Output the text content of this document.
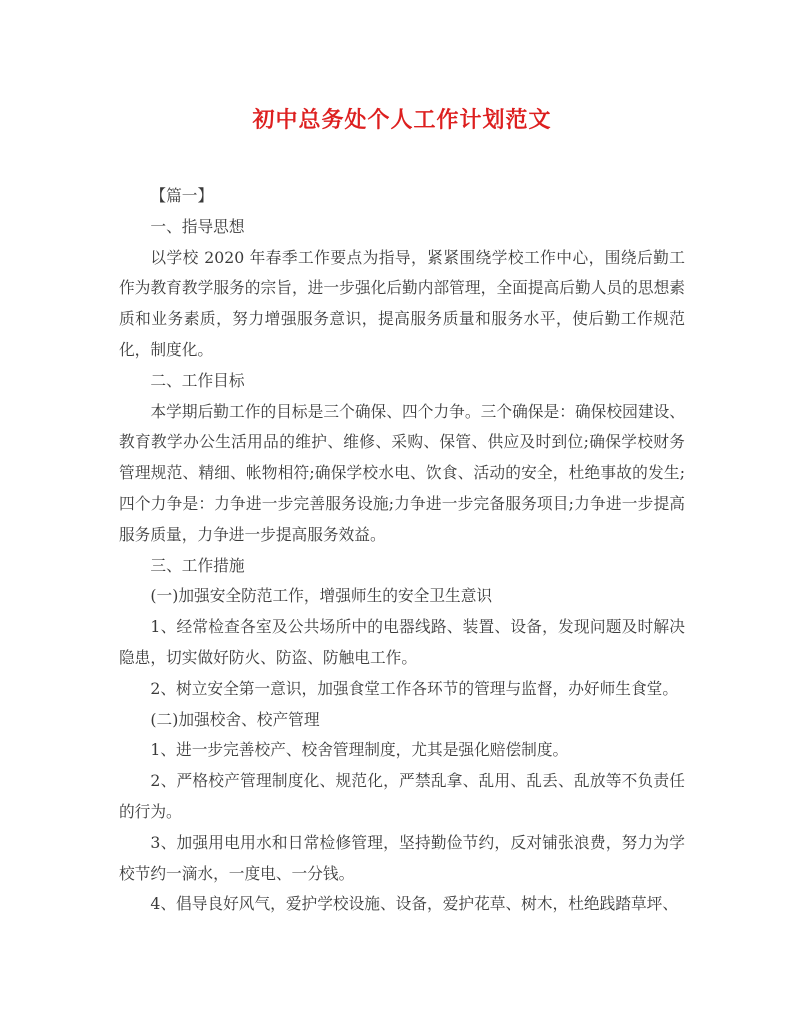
初中总务处个人工作计划范文

【篇一】

一、指导思想

以学校 2020 年春季工作要点为指导，紧紧围绕学校工作中心，围绕后勤工作为教育教学服务的宗旨，进一步强化后勤内部管理，全面提高后勤人员的思想素质和业务素质，努力增强服务意识，提高服务质量和服务水平，使后勤工作规范化，制度化。

二、工作目标

本学期后勤工作的目标是三个确保、四个力争。三个确保是：确保校园建设、教育教学办公生活用品的维护、维修、采购、保管、供应及时到位;确保学校财务管理规范、精细、帐物相符;确保学校水电、饮食、活动的安全，杜绝事故的发生;四个力争是：力争进一步完善服务设施;力争进一步完备服务项目;力争进一步提高服务质量，力争进一步提高服务效益。

三、工作措施

(一)加强安全防范工作，增强师生的安全卫生意识

1、经常检查各室及公共场所中的电器线路、装置、设备，发现问题及时解决隐患，切实做好防火、防盗、防触电工作。

2、树立安全第一意识，加强食堂工作各环节的管理与监督，办好师生食堂。

(二)加强校舍、校产管理

1、进一步完善校产、校舍管理制度，尤其是强化赔偿制度。

2、严格校产管理制度化、规范化，严禁乱拿、乱用、乱丢、乱放等不负责任的行为。

3、加强用电用水和日常检修管理，坚持勤俭节约，反对铺张浪费，努力为学校节约一滴水，一度电、一分钱。

4、倡导良好风气，爱护学校设施、设备，爱护花草、树木，杜绝践踏草坪、
